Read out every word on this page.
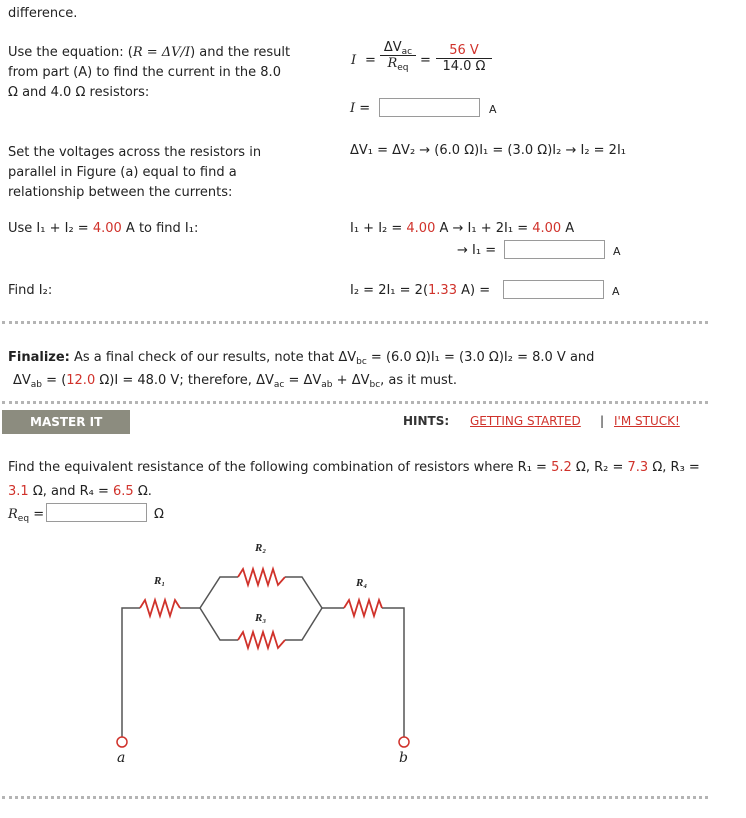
difference.
Use the equation: (R = ΔV/I) and the result
from part (A) to find the current in the 8.0
Ω and 4.0 Ω resistors:
I =
$\Delta V_{ac}$
$R_{eq} = \frac{56 V}{14.0 \Omega}$
I =	A
Set the voltages across the resistors in
parallel in Figure (a) equal to find a
relationship between the currents:
ΔV₁ = ΔV₂ → (6.0 Ω)I₁ = (3.0 Ω)I₂ → I₂ = 2I₁
Use I₁ + I₂ = 4.00 A to find I₁:	I₁ + I₂ = 4.00 A → I₁ + 2I₁ = 4.00 A
→ I₁ =	A
Find I₂:	I₂ = 2I₁ = 2(1.33 A) =	A
Finalize: As a final check of our results, note that $\Delta V_{bc} = (6.0$ Ω)I₁ = (3.0 Ω)I₂ = 8.0 V and
$\Delta V_{ab} = (12.0$ Ω)I = 48.0 V; therefore, $\Delta V_{ac} = \Delta V_{ab} + \Delta V_{bc}$, as it must.
MASTER IT	HINTS: GETTING STARTED | I'M STUCK!
Find the equivalent resistance of the following combination of resistors where R₁ = 5.2 Ω, R₂ = 7.3 Ω, R₃ =
3.1 Ω, and R₄ = 6.5 Ω.
$R_{eq}$ =	Ω
R₁
R₂
R₃
R₄
a	b
